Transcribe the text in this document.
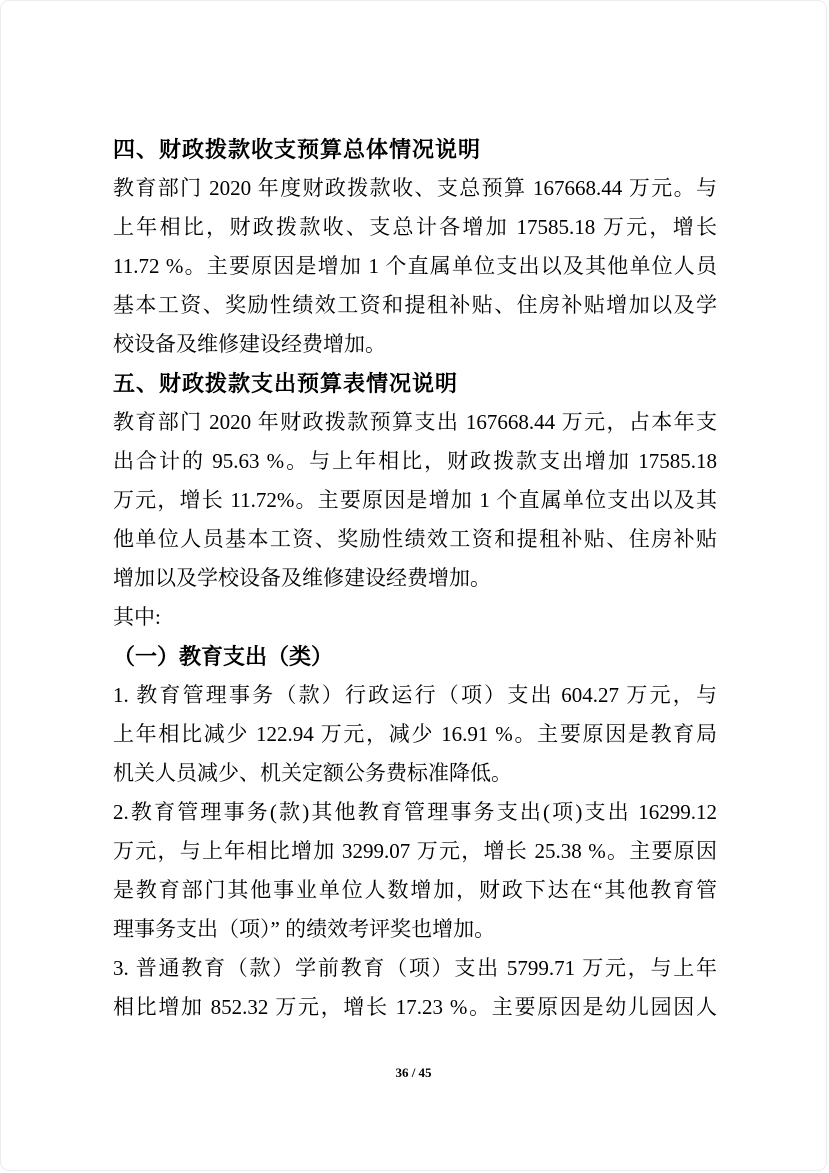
四、财政拨款收支预算总体情况说明
教育部门 2020 年度财政拨款收、支总预算 167668.44 万元。与
上年相比，财政拨款收、支总计各增加 17585.18 万元，增长
11.72 %。主要原因是增加 1 个直属单位支出以及其他单位人员
基本工资、奖励性绩效工资和提租补贴、住房补贴增加以及学
校设备及维修建设经费增加。
五、财政拨款支出预算表情况说明
教育部门 2020 年财政拨款预算支出 167668.44 万元，占本年支
出合计的 95.63 %。与上年相比，财政拨款支出增加 17585.18
万元，增长 11.72%。主要原因是增加 1 个直属单位支出以及其
他单位人员基本工资、奖励性绩效工资和提租补贴、住房补贴
增加以及学校设备及维修建设经费增加。
其中:
（一）教育支出（类）
1. 教育管理事务（款）行政运行（项）支出 604.27 万元，与
上年相比减少 122.94 万元，减少 16.91 %。主要原因是教育局
机关人员减少、机关定额公务费标准降低。
2.教育管理事务(款)其他教育管理事务支出(项)支出 16299.12
万元，与上年相比增加 3299.07 万元，增长 25.38 %。主要原因
是教育部门其他事业单位人数增加，财政下达在“其他教育管
理事务支出（项）” 的绩效考评奖也增加。
3. 普通教育（款）学前教育（项）支出 5799.71 万元，与上年
相比增加 852.32 万元，增长 17.23 %。主要原因是幼儿园因人
36 / 45
